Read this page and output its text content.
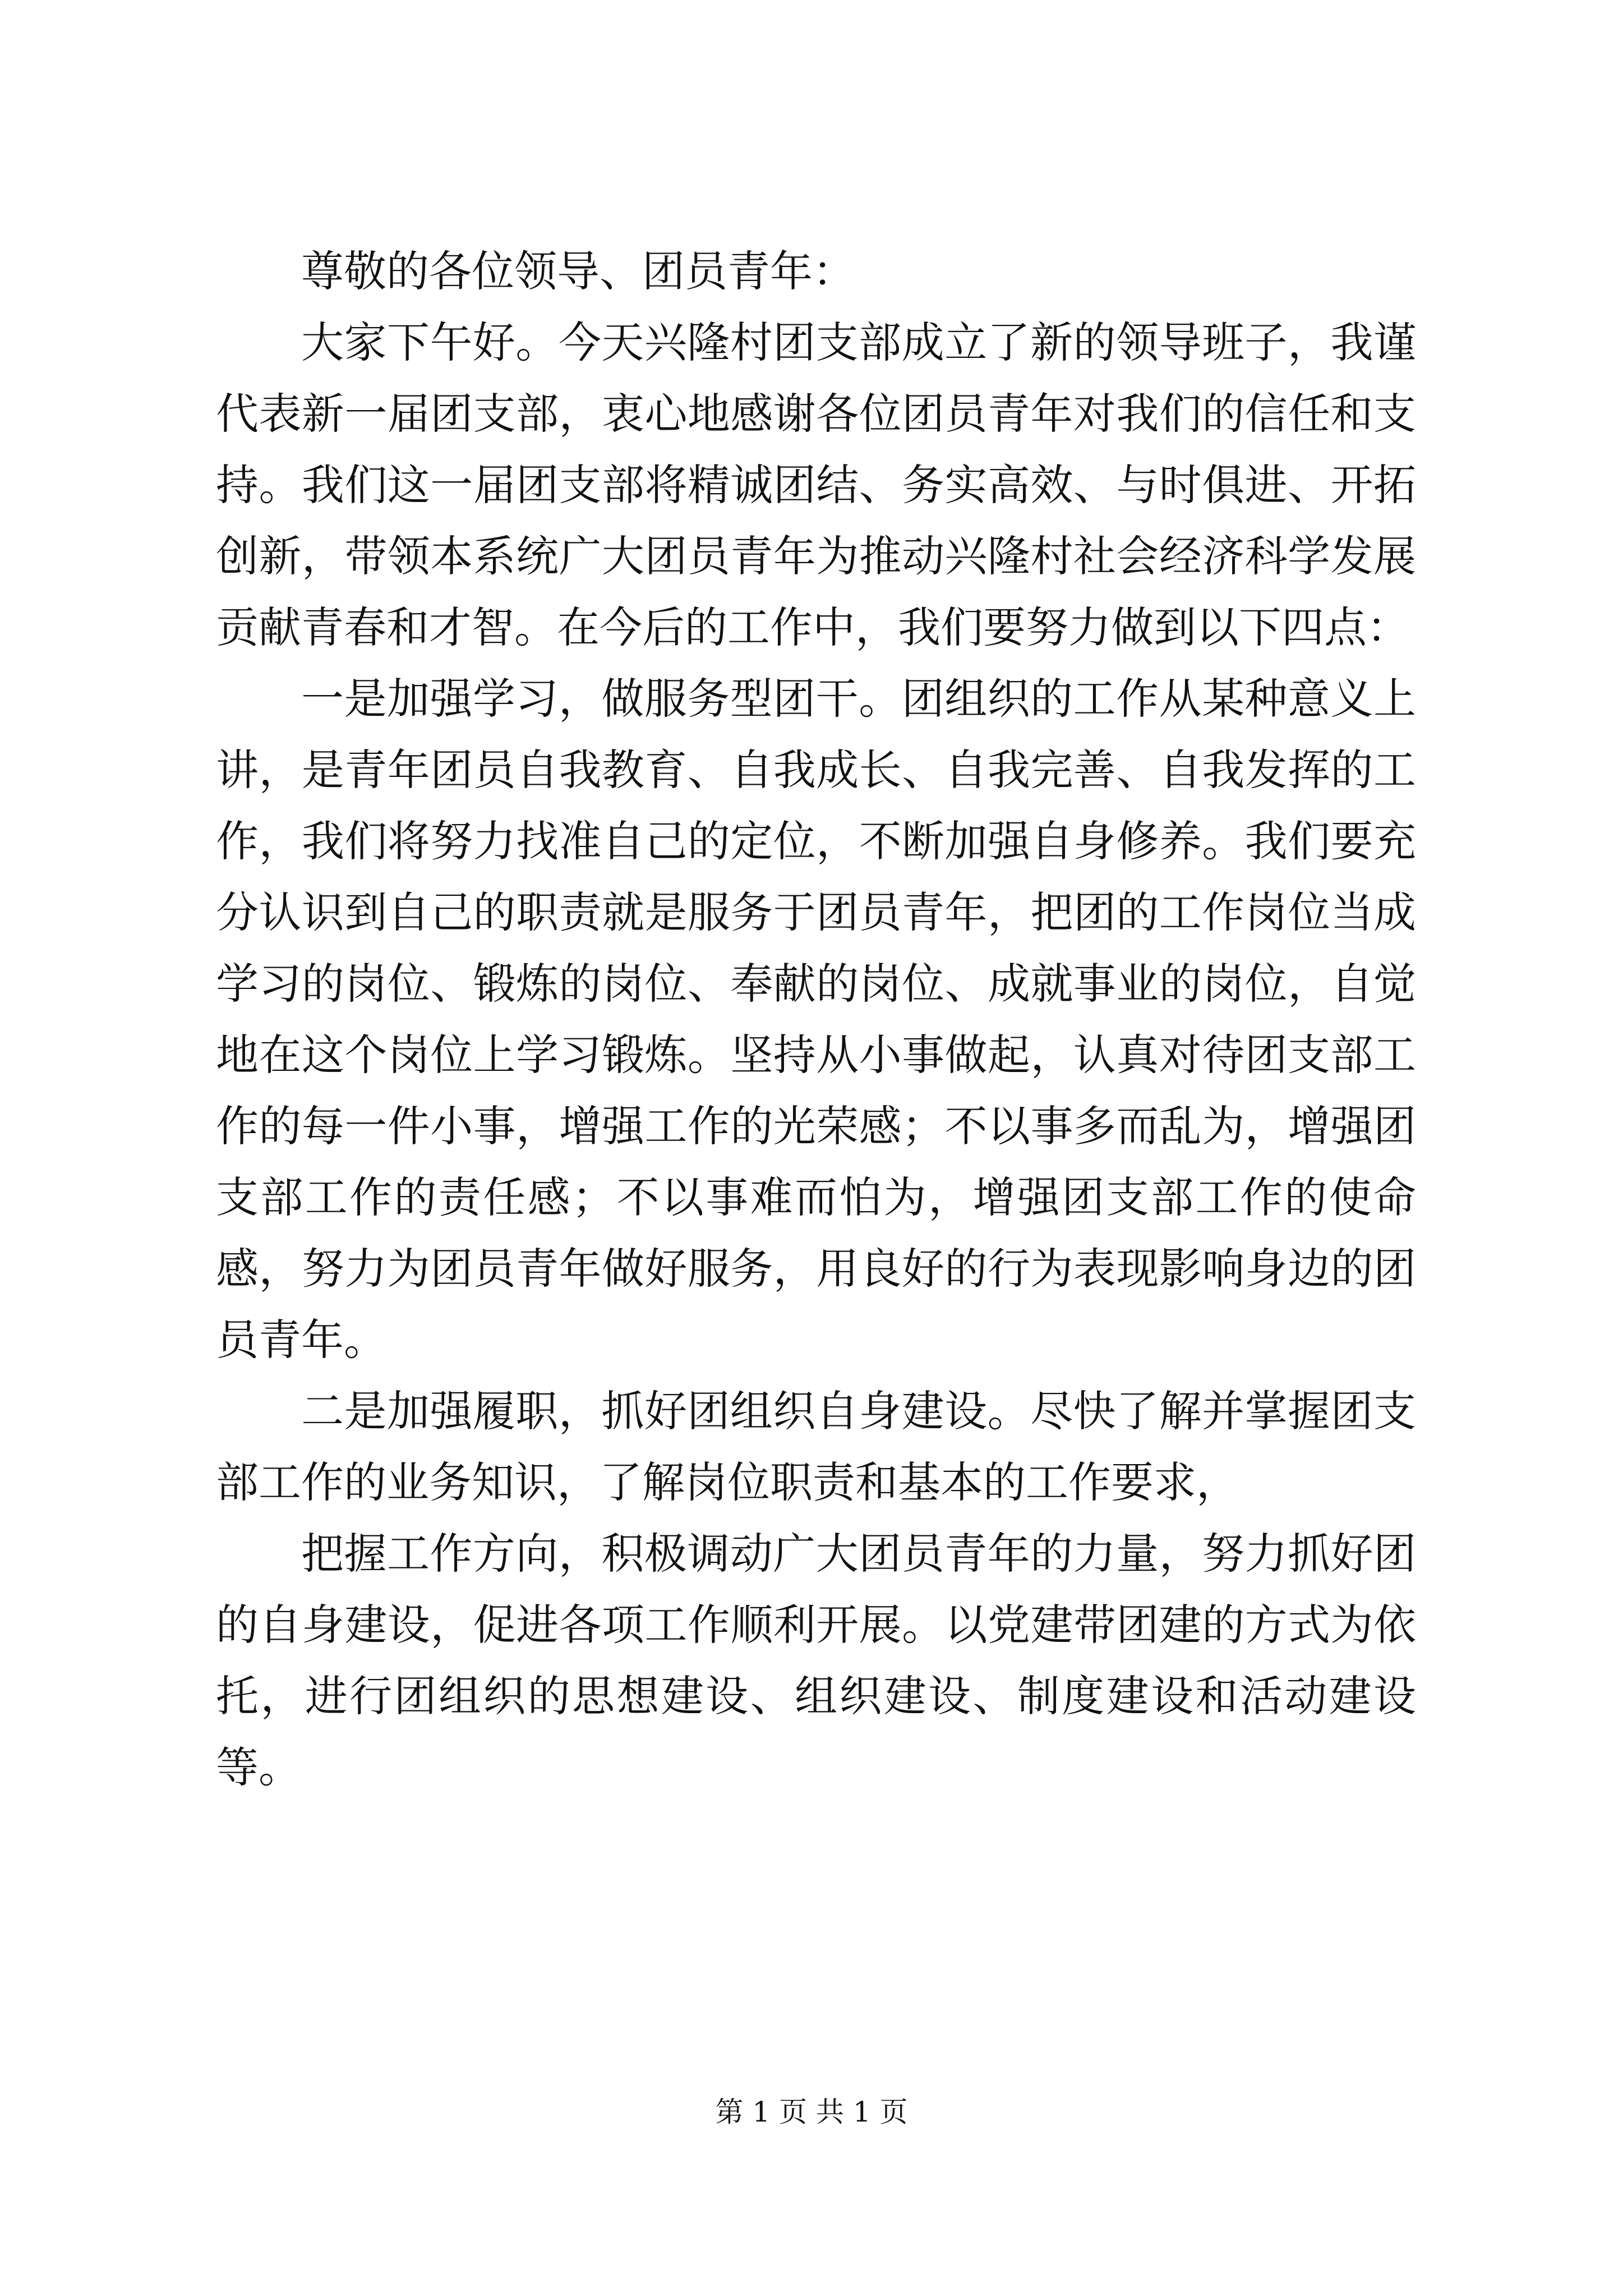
尊敬的各位领导、团员青年：

大家下午好。今天兴隆村团支部成立了新的领导班子，我谨代表新一届团支部，衷心地感谢各位团员青年对我们的信任和支持。我们这一届团支部将精诚团结、务实高效、与时俱进、开拓创新，带领本系统广大团员青年为推动兴隆村社会经济科学发展贡献青春和才智。在今后的工作中，我们要努力做到以下四点：

一是加强学习，做服务型团干。团组织的工作从某种意义上讲，是青年团员自我教育、自我成长、自我完善、自我发挥的工作，我们将努力找准自己的定位，不断加强自身修养。我们要充分认识到自己的职责就是服务于团员青年，把团的工作岗位当成学习的岗位、锻炼的岗位、奉献的岗位、成就事业的岗位，自觉地在这个岗位上学习锻炼。坚持从小事做起，认真对待团支部工作的每一件小事，增强工作的光荣感；不以事多而乱为，增强团支部工作的责任感；不以事难而怕为，增强团支部工作的使命感，努力为团员青年做好服务，用良好的行为表现影响身边的团员青年。

二是加强履职，抓好团组织自身建设。尽快了解并掌握团支部工作的业务知识，了解岗位职责和基本的工作要求，

把握工作方向，积极调动广大团员青年的力量，努力抓好团的自身建设，促进各项工作顺利开展。以党建带团建的方式为依托，进行团组织的思想建设、组织建设、制度建设和活动建设等。

第 1 页 共 1 页
